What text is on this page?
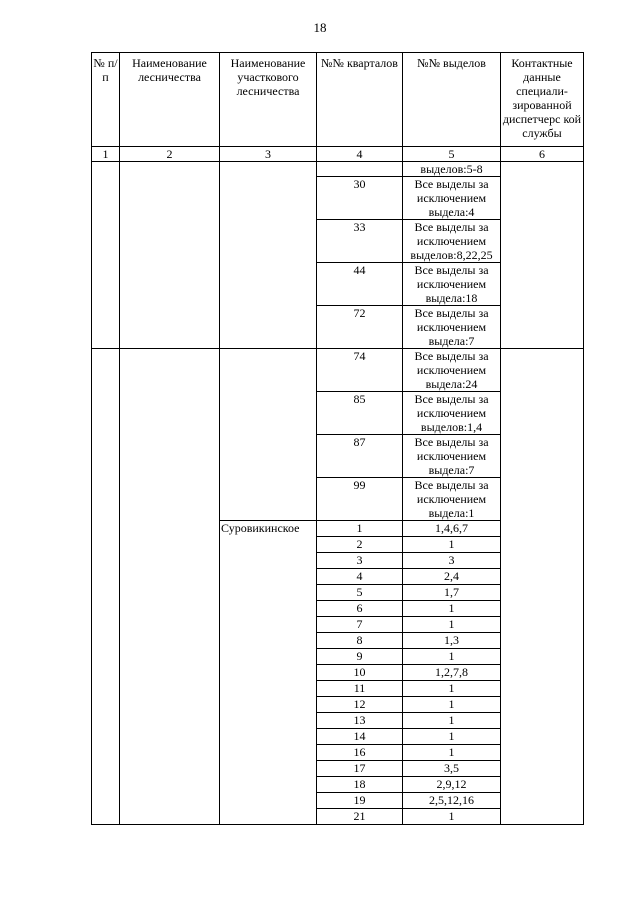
18
№ п/п	Наименование лесничества	Наименование участкового лесничества	№№ кварталов	№№ выделов	Контактные данные специали-зированной диспетчерс кой службы
1	2	3	4	5	6
				выделов:5-8	
			30	Все выделы за исключением выдела:4	
			33	Все выделы за исключением выделов:8,22,25	
			44	Все выделы за исключением выдела:18	
			72	Все выделы за исключением выдела:7	
			74	Все выделы за исключением выдела:24	
			85	Все выделы за исключением выделов:1,4	
			87	Все выделы за исключением выдела:7	
			99	Все выделы за исключением выдела:1	
		Суровикинское	1	1,4,6,7	
			2	1	
			3	3	
			4	2,4	
			5	1,7	
			6	1	
			7	1	
			8	1,3	
			9	1	
			10	1,2,7,8	
			11	1	
			12	1	
			13	1	
			14	1	
			16	1	
			17	3,5	
			18	2,9,12	
			19	2,5,12,16	
			21	1	
